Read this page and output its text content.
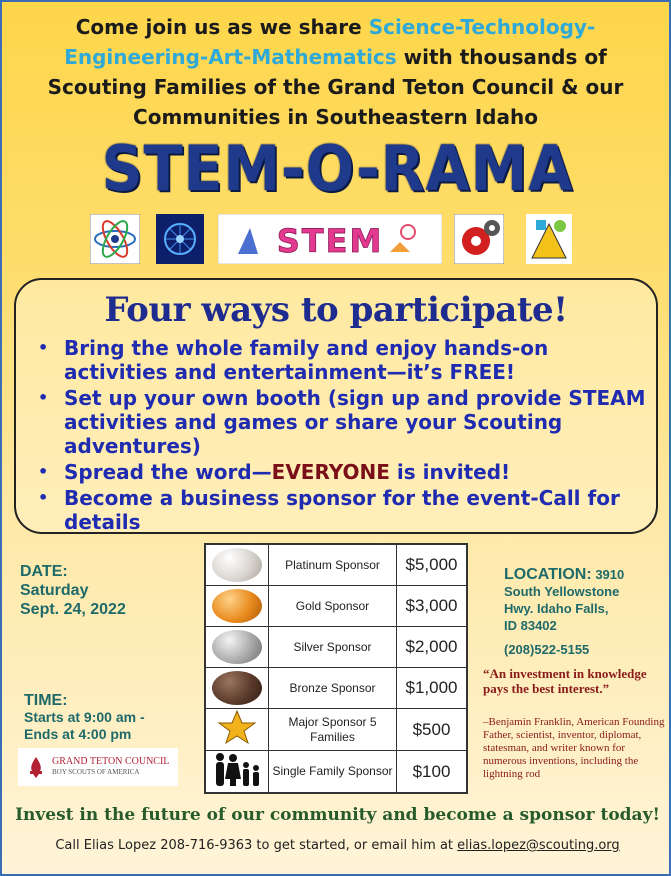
Come join us as we share Science-Technology-Engineering-Art-Mathematics with thousands of Scouting Families of the Grand Teton Council & our Communities in Southeastern Idaho
STEM-O-RAMA
STEM
Four ways to participate!
• Bring the whole family and enjoy hands-on activities and entertainment—it’s FREE!
• Set up your own booth (sign up and provide STEAM activities and games or share your Scouting adventures)
• Spread the word—EVERYONE is invited!
• Become a business sponsor for the event-Call for details
DATE:
Saturday
Sept. 24, 2022
TIME:
Starts at 9:00 am -
Ends at 4:00 pm
GRAND TETON COUNCIL
BOY SCOUTS OF AMERICA
	Platinum Sponsor	$5,000
	Gold Sponsor	$3,000
	Silver Sponsor	$2,000
	Bronze Sponsor	$1,000
	Major Sponsor 5 Families	$500
	Single Family Sponsor	$100
LOCATION: 3910
South Yellowstone
Hwy. Idaho Falls,
ID 83402
(208)522-5155
“An investment in knowledge pays the best interest.”
–Benjamin Franklin, American Founding Father, scientist, inventor, diplomat, statesman, and writer known for numerous inventions, including the lightning rod
Invest in the future of our community and become a sponsor today!
Call Elias Lopez 208-716-9363 to get started, or email him at elias.lopez@scouting.org
